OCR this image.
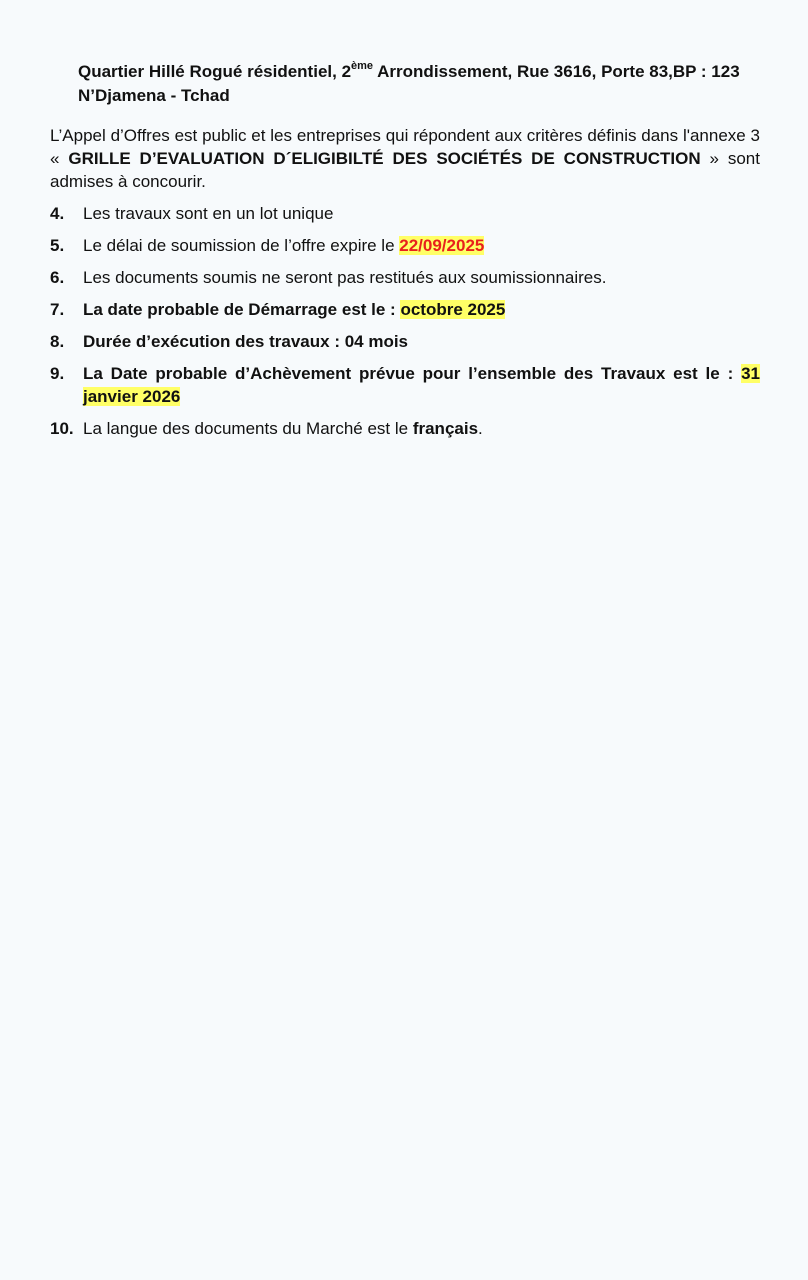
Quartier Hillé Rogué résidentiel, 2ème Arrondissement, Rue 3616, Porte 83,BP : 123
N’Djamena - Tchad
L’Appel d’Offres est public et les entreprises qui répondent aux critères définis dans l'annexe 3 « GRILLE D’EVALUATION D´ELIGIBILTÉ DES SOCIÉTÉS DE CONSTRUCTION » sont admises à concourir.
4.	Les travaux sont en un lot unique
5.	Le délai de soumission de l’offre expire le 22/09/2025
6.	Les documents soumis ne seront pas restitués aux soumissionnaires.
7.	La date probable de Démarrage est le : octobre 2025
8.	Durée d’exécution des travaux : 04 mois
9.	La Date probable d’Achèvement prévue pour l’ensemble des Travaux est le : 31 janvier 2026
10. La langue des documents du Marché est le français.
